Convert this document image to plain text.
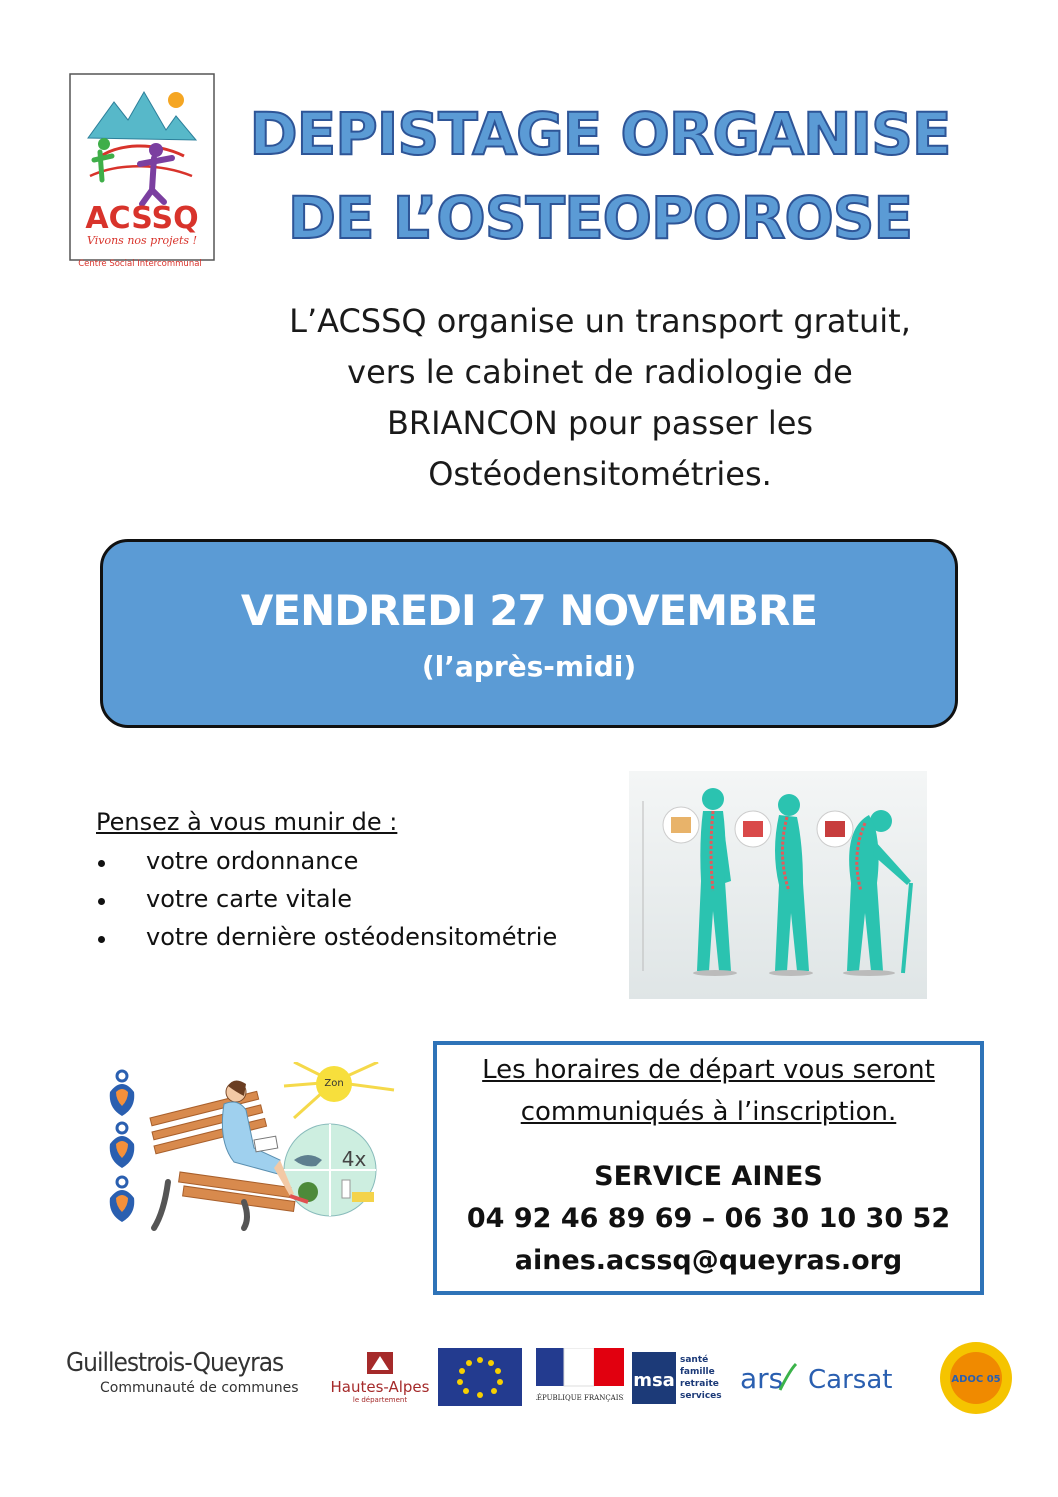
ACSSQ
Vivons nos projets !
Centre Social Intercommunal
DEPISTAGE ORGANISE
DE L’OSTEOPOROSE
L’ACSSQ organise un transport gratuit,
vers le cabinet de radiologie de
BRIANCON pour passer les
Ostéodensitométries.
VENDREDI 27 NOVEMBRE
(l’après-midi)
Pensez à vous munir de :
votre ordonnance
votre carte vitale
votre dernière ostéodensitométrie
Zon
4x
Les horaires de départ vous seront
communiqués à l’inscription.
SERVICE AINES
04 92 46 89 69 – 06 30 10 30 52
aines.acssq@queyras.org
Guillestrois-Queyras
Communauté de communes Hautes-Alpes
le département	RÉPUBLIQUE FRANÇAISE
msa
santé
famille
retraite
services
ars Carsat	ADOC 05
